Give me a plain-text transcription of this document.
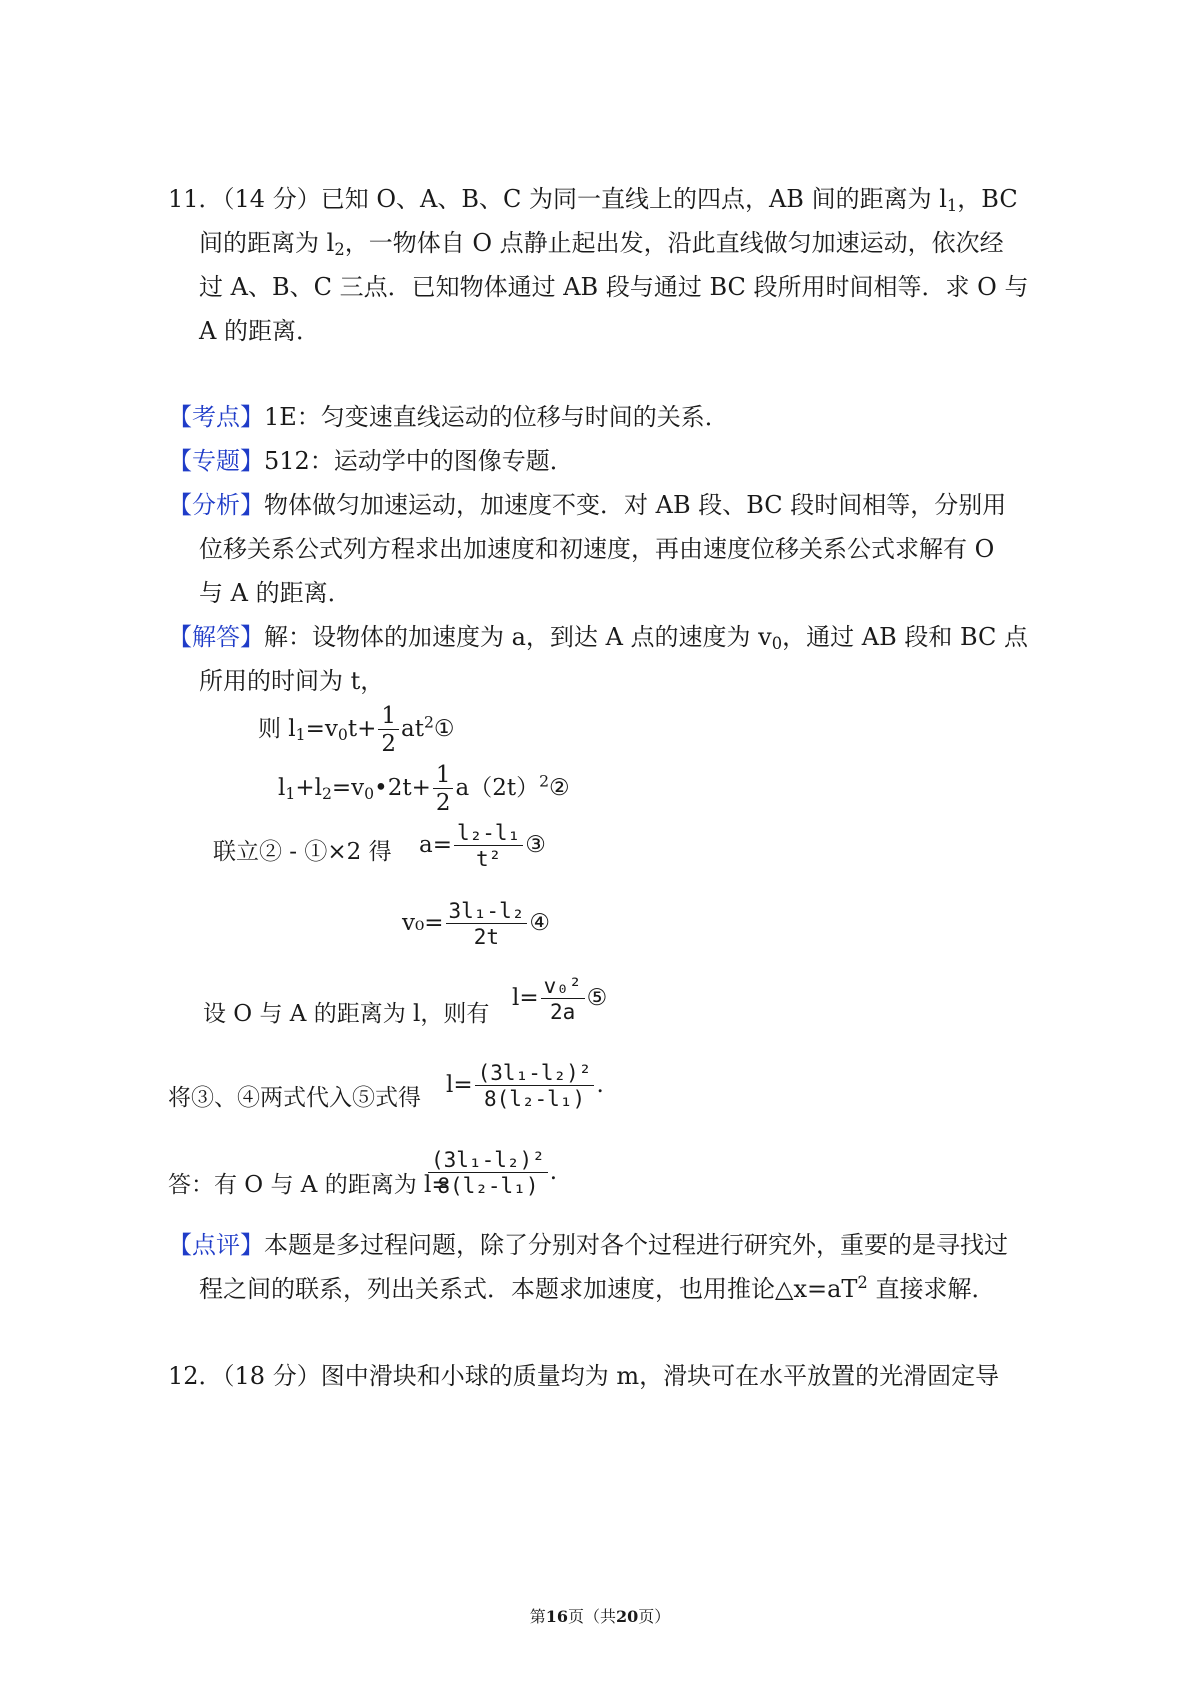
11．（14 分）已知 O、A、B、C 为同一直线上的四点，AB 间的距离为 $l_1$，BC
间的距离为 $l_2$，一物体自 O 点静止起出发，沿此直线做匀加速运动，依次经
过 A、B、C 三点．已知物体通过 AB 段与通过 BC 段所用时间相等．求 O 与
A 的距离．
【考点】1E：匀变速直线运动的位移与时间的关系．
【专题】512：运动学中的图像专题．
【分析】物体做匀加速运动，加速度不变．对 AB 段、BC 段时间相等，分别用
位移关系公式列方程求出加速度和初速度，再由速度位移关系公式求解有 O
与 A 的距离．
【解答】解：设物体的加速度为 a，到达 A 点的速度为 $v_0$，通过 AB 段和 BC 点
所用的时间为 t，
则 $l_1=v_0t+ \frac{1}{2}$ $at^2①$
$l_1+l_2=v_0•2t+ \frac{1}{2}$ $a(2t)^2②$
联立② - ①×2 得 $a= \frac{\text{l₂-l₁}}{\text{t²}}$ ③
$v_0= \frac{\text{3l₁-l₂}}{2t}$ ④
设 O 与 A 的距离为 l，则有
$l= \frac{\text{v₀²}}{2a}$ ⑤
将③、④两式代入⑤式得 $l= \frac{\text{(3l₁-l₂)²}}{\text{8(l₂-l₁)}}$ .
答：有 O 与 A 的距离为 l=
$\frac{\text{(3l₁-l₂)²}}{\text{8(l₂-l₁)}}$ .
【点评】本题是多过程问题，除了分别对各个过程进行研究外，重要的是寻找过
程之间的联系，列出关系式．本题求加速度，也用推论$\triangle x=aT^2$ 直接求解．
12．（18 分）图中滑块和小球的质量均为 m，滑块可在水平放置的光滑固定导
第16页（共20页）
